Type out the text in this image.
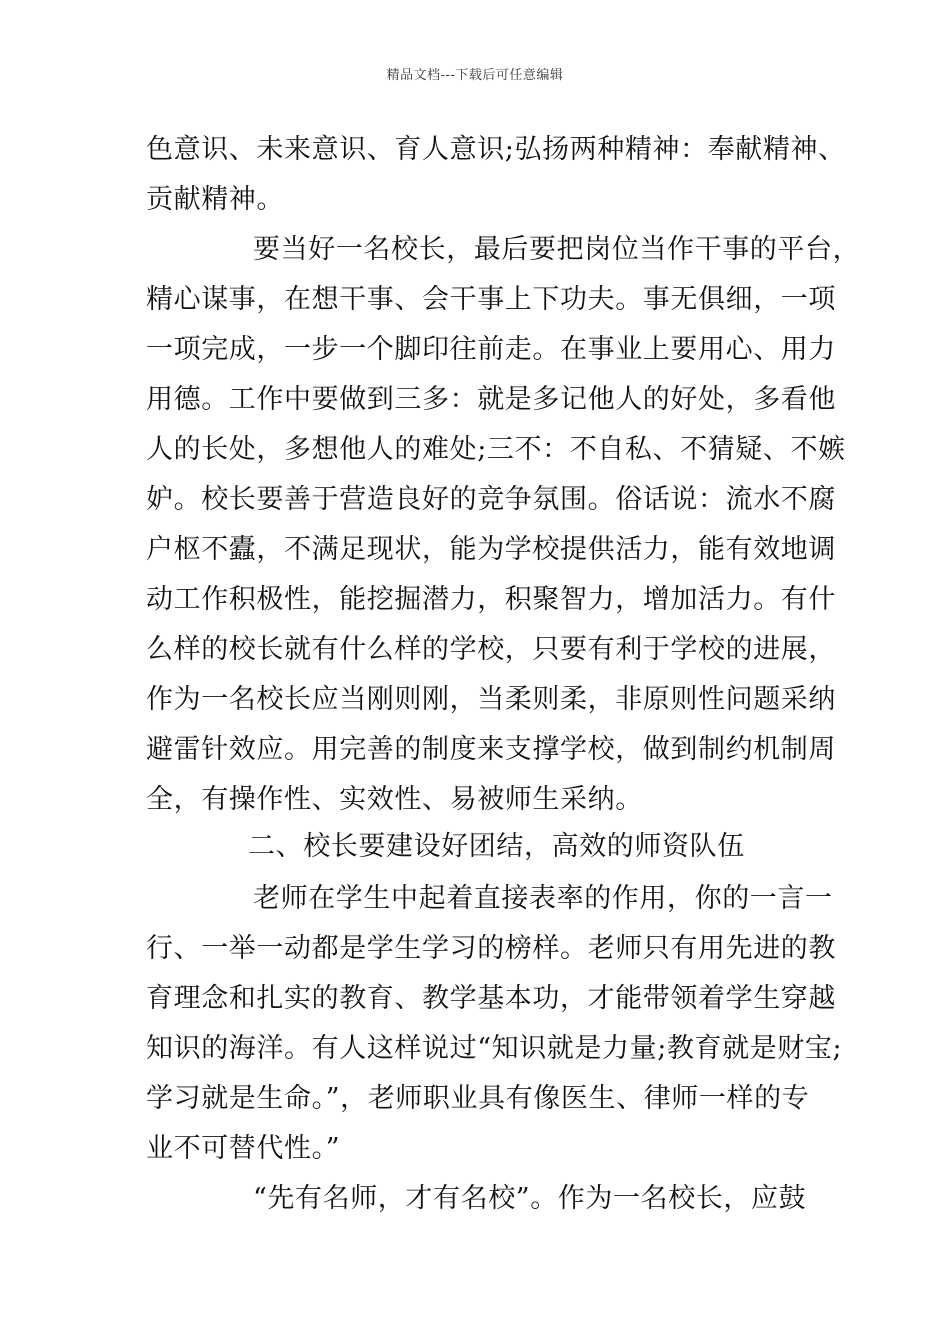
精品文档---下载后可任意编辑
色意识、未来意识、育人意识;弘扬两种精神：奉献精神、
贡献精神。
要当好一名校长，最后要把岗位当作干事的平台，
精心谋事，在想干事、会干事上下功夫。事无俱细，一项
一项完成，一步一个脚印往前走。在事业上要用心、用力
用德。工作中要做到三多：就是多记他人的好处，多看他
人的长处，多想他人的难处;三不：不自私、不猜疑、不嫉
妒。校长要善于营造良好的竞争氛围。俗话说：流水不腐
户枢不蠹，不满足现状，能为学校提供活力，能有效地调
动工作积极性，能挖掘潜力，积聚智力，增加活力。有什
么样的校长就有什么样的学校，只要有利于学校的进展，
作为一名校长应当刚则刚，当柔则柔，非原则性问题采纳
避雷针效应。用完善的制度来支撑学校，做到制约机制周
全，有操作性、实效性、易被师生采纳。
二、校长要建设好团结，高效的师资队伍
老师在学生中起着直接表率的作用，你的一言一
行、一举一动都是学生学习的榜样。老师只有用先进的教
育理念和扎实的教育、教学基本功，才能带领着学生穿越
知识的海洋。有人这样说过“知识就是力量;教育就是财宝;
学习就是生命。”，老师职业具有像医生、律师一样的专
业不可替代性。”
“先有名师，才有名校”。作为一名校长，应鼓
